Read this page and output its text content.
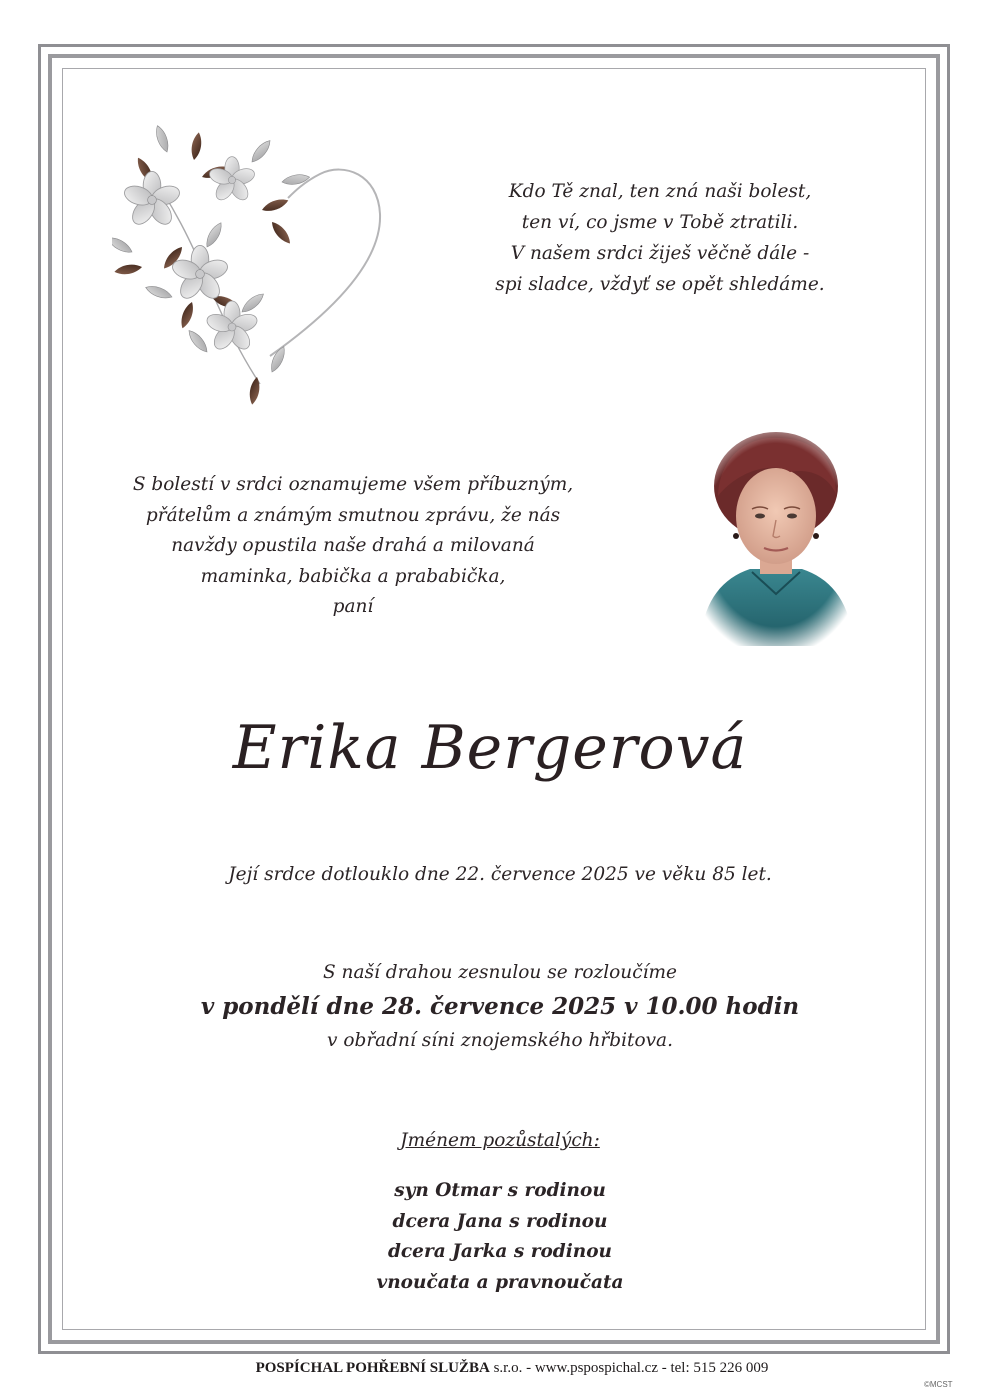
Kdo Tě znal, ten zná naši bolest,
ten ví, co jsme v Tobě ztratili.
V našem srdci žiješ věčně dále -
spi sladce, vždyť se opět shledáme.
S bolestí v srdci oznamujeme všem příbuzným,
přátelům a známým smutnou zprávu, že nás
navždy opustila naše drahá a milovaná
maminka, babička a prababička,
paní
Erika Bergerová
Její srdce dotlouklo dne 22. července 2025 ve věku 85 let.
S naší drahou zesnulou se rozloučíme
v pondělí dne 28. července 2025 v 10.00 hodin
v obřadní síni znojemského hřbitova.
Jménem pozůstalých:
syn Otmar s rodinou
dcera Jana s rodinou
dcera Jarka s rodinou
vnoučata a pravnoučata
POSPÍCHAL POHŘEBNÍ SLUŽBA s.r.o. - www.pspospichal.cz - tel: 515 226 009
©MCST
